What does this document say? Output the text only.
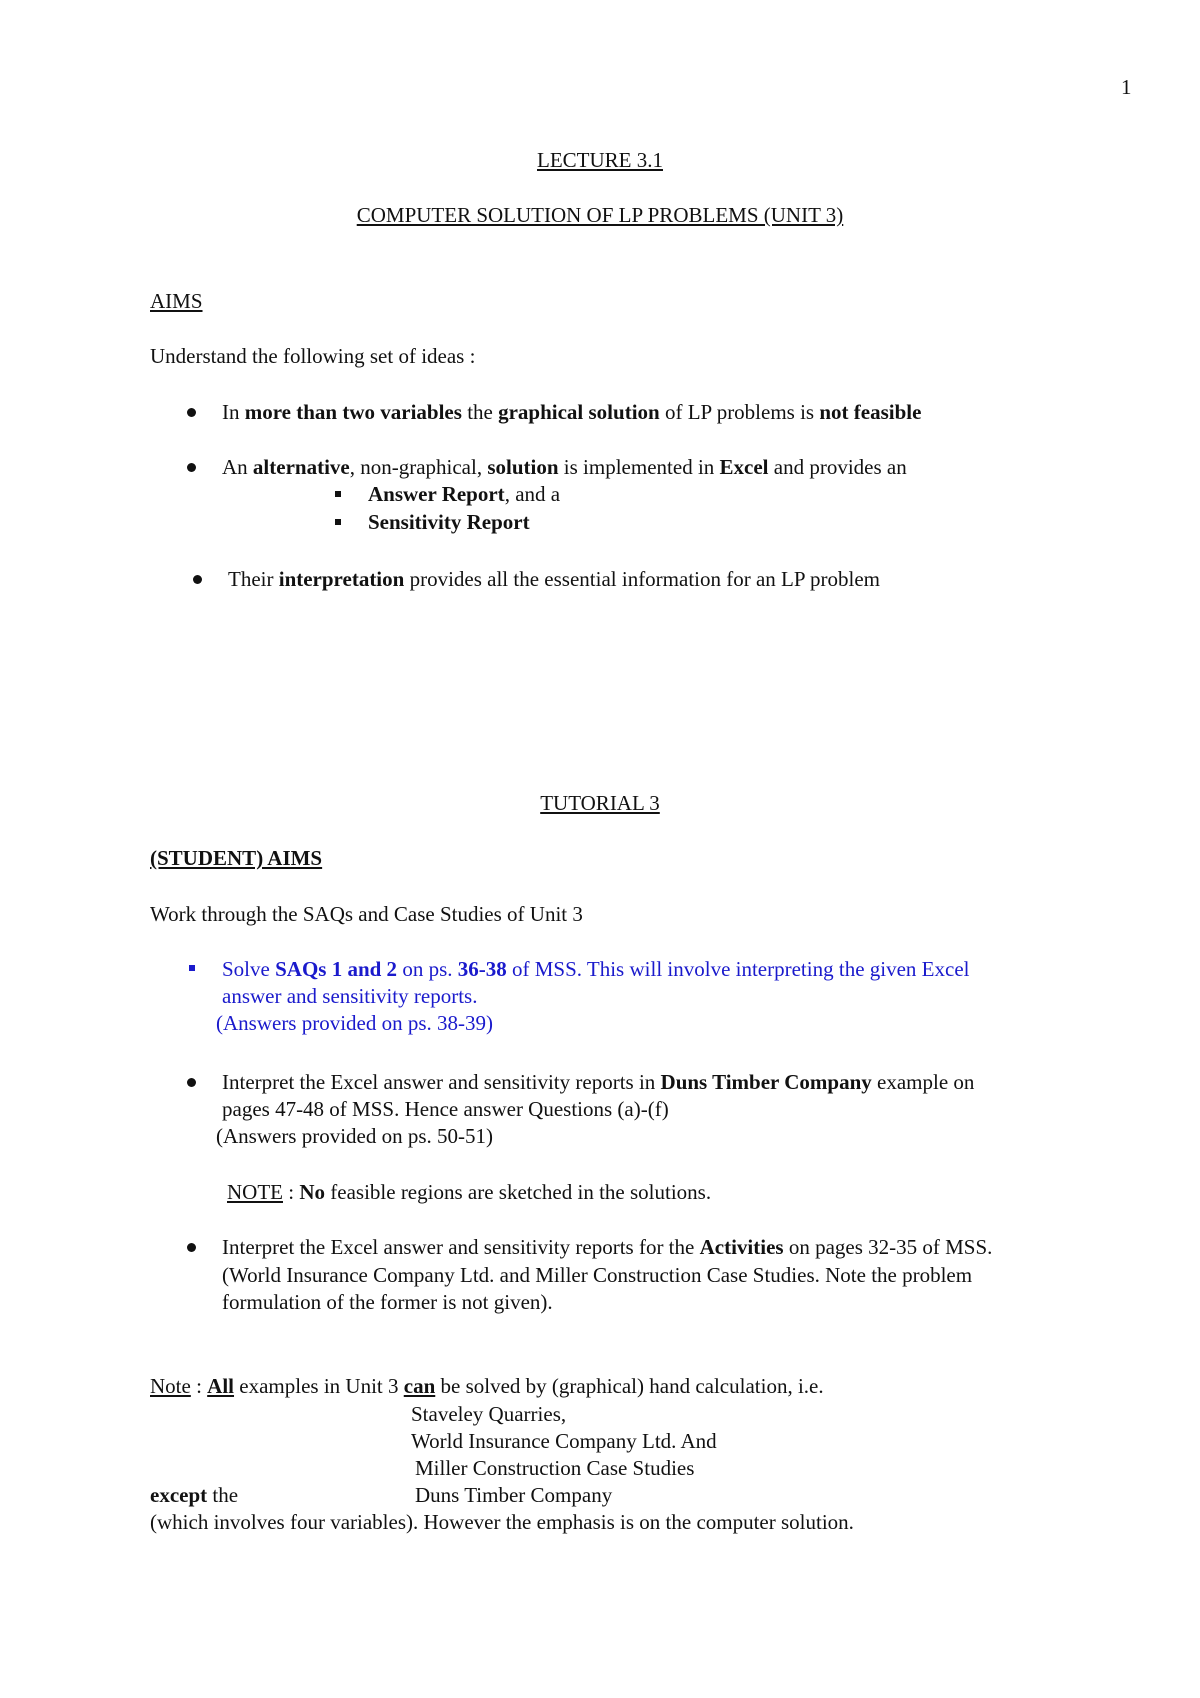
1
LECTURE 3.1
COMPUTER SOLUTION OF LP PROBLEMS (UNIT 3)
AIMS
Understand the following set of ideas :
In more than two variables the graphical solution of LP problems is not feasible
An alternative, non-graphical, solution is implemented in Excel and provides an
Answer Report, and a
Sensitivity Report
Their interpretation provides all the essential information for an LP problem
TUTORIAL 3
(STUDENT) AIMS
Work through the SAQs and Case Studies of Unit 3
Solve SAQs 1 and 2 on ps. 36-38 of MSS. This will involve interpreting the given Excel
answer and sensitivity reports.
(Answers provided on ps. 38-39)
Interpret the Excel answer and sensitivity reports in Duns Timber Company example on
pages 47-48 of MSS. Hence answer Questions (a)-(f)
(Answers provided on ps. 50-51)
NOTE : No feasible regions are sketched in the solutions.
Interpret the Excel answer and sensitivity reports for the Activities on pages 32-35 of MSS.
(World Insurance Company Ltd. and Miller Construction Case Studies. Note the problem
formulation of the former is not given).
Note : All examples in Unit 3 can be solved by (graphical) hand calculation, i.e.
Staveley Quarries,
World Insurance Company Ltd. And
Miller Construction Case Studies
except the	Duns Timber Company
(which involves four variables). However the emphasis is on the computer solution.
